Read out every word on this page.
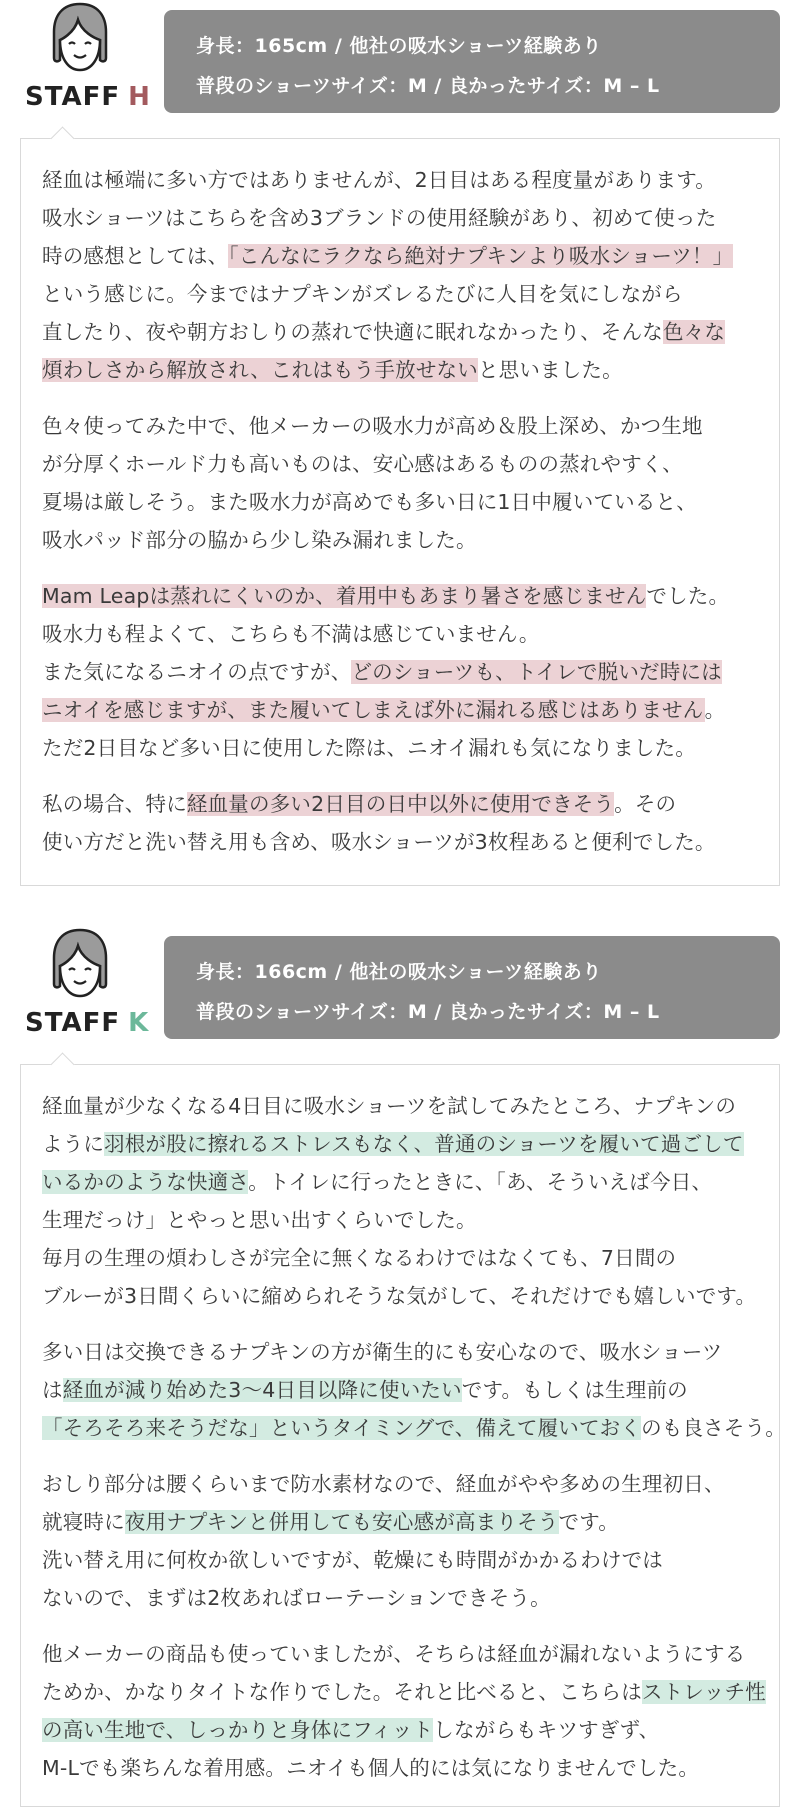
STAFF H
身長：165cm / 他社の吸水ショーツ経験あり
普段のショーツサイズ：M / 良かったサイズ：M – L
経血は極端に多い方ではありませんが、2日目はある程度量があります。
吸水ショーツはこちらを含め3ブランドの使用経験があり、初めて使った
時の感想としては、「こんなにラクなら絶対ナプキンより吸水ショーツ！」
という感じに。今まではナプキンがズレるたびに人目を気にしながら
直したり、夜や朝方おしりの蒸れで快適に眠れなかったり、そんな色々な
煩わしさから解放され、これはもう手放せないと思いました。
色々使ってみた中で、他メーカーの吸水力が高め＆股上深め、かつ生地
が分厚くホールド力も高いものは、安心感はあるものの蒸れやすく、
夏場は厳しそう。また吸水力が高めでも多い日に1日中履いていると、
吸水パッド部分の脇から少し染み漏れました。
Mam Leapは蒸れにくいのか、着用中もあまり暑さを感じませんでした。
吸水力も程よくて、こちらも不満は感じていません。
また気になるニオイの点ですが、どのショーツも、トイレで脱いだ時には
ニオイを感じますが、また履いてしまえば外に漏れる感じはありません。
ただ2日目など多い日に使用した際は、ニオイ漏れも気になりました。
私の場合、特に経血量の多い2日目の日中以外に使用できそう。その
使い方だと洗い替え用も含め、吸水ショーツが3枚程あると便利でした。
STAFF K
身長：166cm / 他社の吸水ショーツ経験あり
普段のショーツサイズ：M / 良かったサイズ：M – L
経血量が少なくなる4日目に吸水ショーツを試してみたところ、ナプキンの
ように羽根が股に擦れるストレスもなく、普通のショーツを履いて過ごして
いるかのような快適さ。トイレに行ったときに、「あ、そういえば今日、
生理だっけ」とやっと思い出すくらいでした。
毎月の生理の煩わしさが完全に無くなるわけではなくても、7日間の
ブルーが3日間くらいに縮められそうな気がして、それだけでも嬉しいです。
多い日は交換できるナプキンの方が衛生的にも安心なので、吸水ショーツ
は経血が減り始めた3〜4日目以降に使いたいです。もしくは生理前の
「そろそろ来そうだな」というタイミングで、備えて履いておくのも良さそう。
おしり部分は腰くらいまで防水素材なので、経血がやや多めの生理初日、
就寝時に夜用ナプキンと併用しても安心感が高まりそうです。
洗い替え用に何枚か欲しいですが、乾燥にも時間がかかるわけでは
ないので、まずは2枚あればローテーションできそう。
他メーカーの商品も使っていましたが、そちらは経血が漏れないようにする
ためか、かなりタイトな作りでした。それと比べると、こちらはストレッチ性
の高い生地で、しっかりと身体にフィットしながらもキツすぎず、
M-Lでも楽ちんな着用感。ニオイも個人的には気になりませんでした。
